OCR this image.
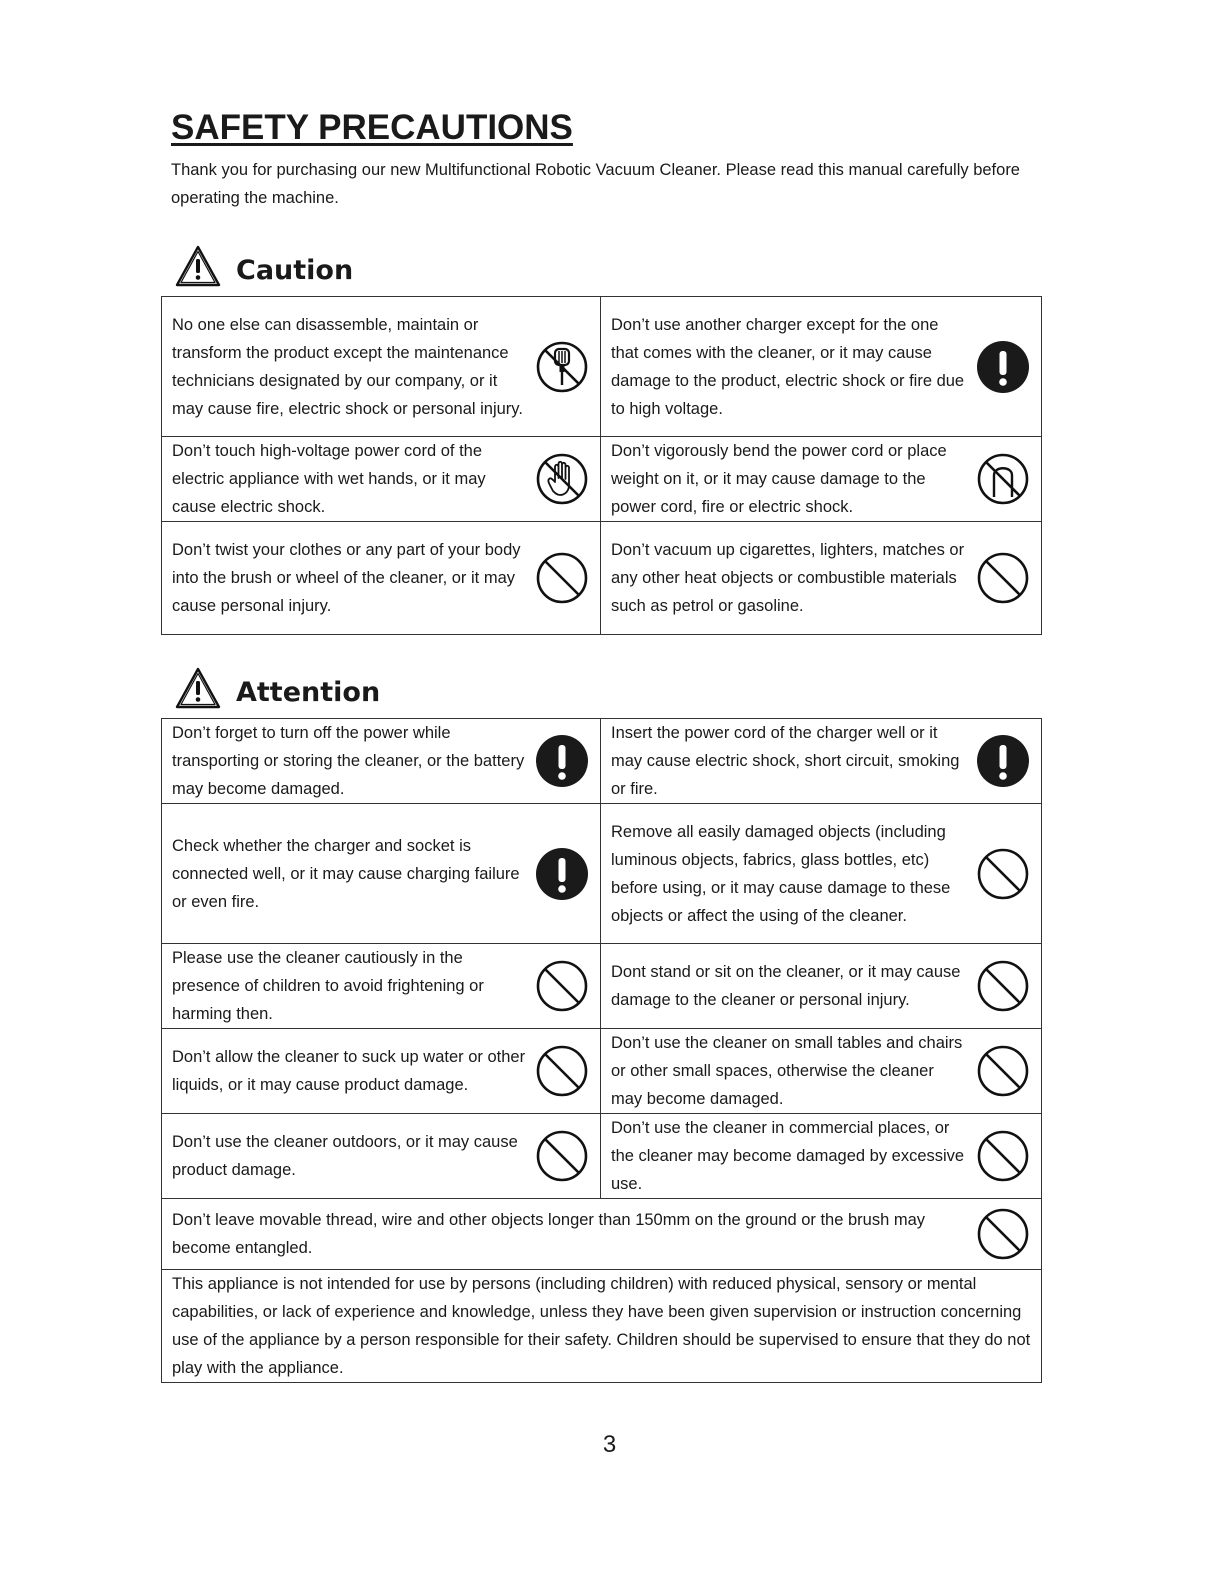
SAFETY PRECAUTIONS

Thank you for purchasing our new Multifunctional Robotic Vacuum Cleaner. Please read this manual carefully before operating the machine.

Caution
No one else can disassemble, maintain or transform the product except the maintenance technicians designated by our company, or it may cause fire, electric shock or personal injury.	Don’t use another charger except for the one that comes with the cleaner, or it may cause damage to the product, electric shock or fire due to high voltage.

Don’t touch high-voltage power cord of the electric appliance with wet hands, or it may cause electric shock.	Don’t vigorously bend the power cord or place weight on it, or it may cause damage to the power cord, fire or electric shock.

Don’t twist your clothes or any part of your body into the brush or wheel of the cleaner, or it may cause personal injury.	Don’t vacuum up cigarettes, lighters, matches or any other heat objects or combustible materials such as petrol or gasoline.
Attention
Don’t forget to turn off the power while transporting or storing the cleaner, or the battery may become damaged.	Insert the power cord of the charger well or it may cause electric shock, short circuit, smoking or fire.

Check whether the charger and socket is connected well, or it may cause charging failure or even fire.	Remove all easily damaged objects (including luminous objects, fabrics, glass bottles, etc) before using, or it may cause damage to these objects or affect the using of the cleaner.

Please use the cleaner cautiously in the presence of children to avoid frightening or harming then.	Dont stand or sit on the cleaner, or it may cause damage to the cleaner or personal injury.

Don’t allow the cleaner to suck up water or other liquids, or it may cause product damage.	Don’t use the cleaner on small tables and chairs or other small spaces, otherwise the cleaner may become damaged.

Don’t use the cleaner outdoors, or it may cause product damage.	Don’t use the cleaner in commercial places, or the cleaner may become damaged by excessive use.

Don’t leave movable thread, wire and other objects longer than 150mm on the ground or the brush may become entangled.	

This appliance is not intended for use by persons (including children) with reduced physical, sensory or mental capabilities, or lack of experience and knowledge, unless they have been given supervision or instruction concerning use of the appliance by a person responsible for their safety. Children should be supervised to ensure that they do not play with the appliance.	
3
